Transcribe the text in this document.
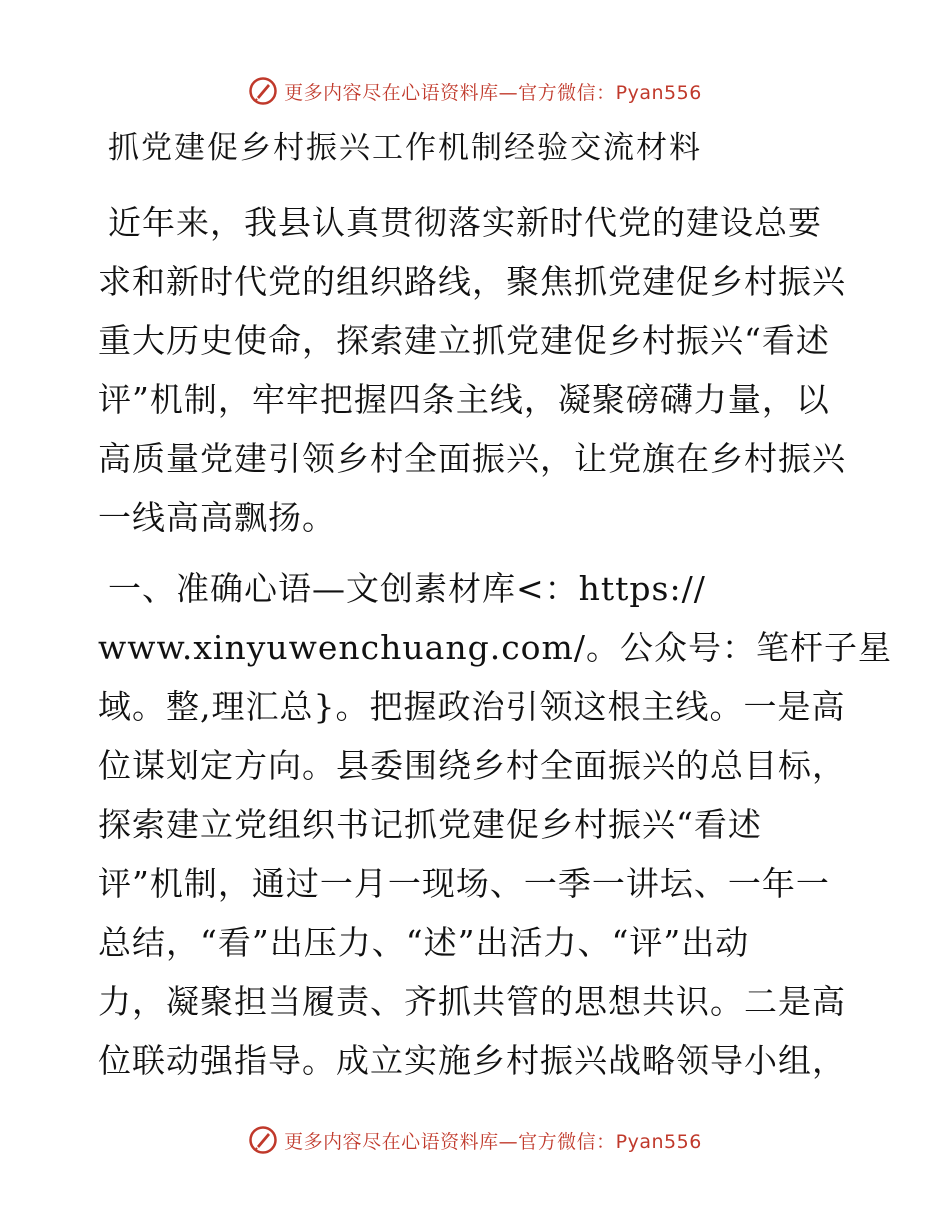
更多内容尽在心语资料库—官方微信：Pyan556
抓党建促乡村振兴工作机制经验交流材料
近年来，我县认真贯彻落实新时代党的建设总要
求和新时代党的组织路线，聚焦抓党建促乡村振兴
重大历史使命，探索建立抓党建促乡村振兴“看述
评”机制，牢牢把握四条主线，凝聚磅礴力量，以
高质量党建引领乡村全面振兴，让党旗在乡村振兴
一线高高飘扬。
一、准确心语—文创素材库<：https://
www.xinyuwenchuang.com/。公众号：笔杆子星
域。整,理汇总}。把握政治引领这根主线。一是高
位谋划定方向。县委围绕乡村全面振兴的总目标，
探索建立党组织书记抓党建促乡村振兴“看述
评”机制，通过一月一现场、一季一讲坛、一年一
总结，“看”出压力、“述”出活力、“评”出动
力，凝聚担当履责、齐抓共管的思想共识。二是高
位联动强指导。成立实施乡村振兴战略领导小组，
更多内容尽在心语资料库—官方微信：Pyan556
